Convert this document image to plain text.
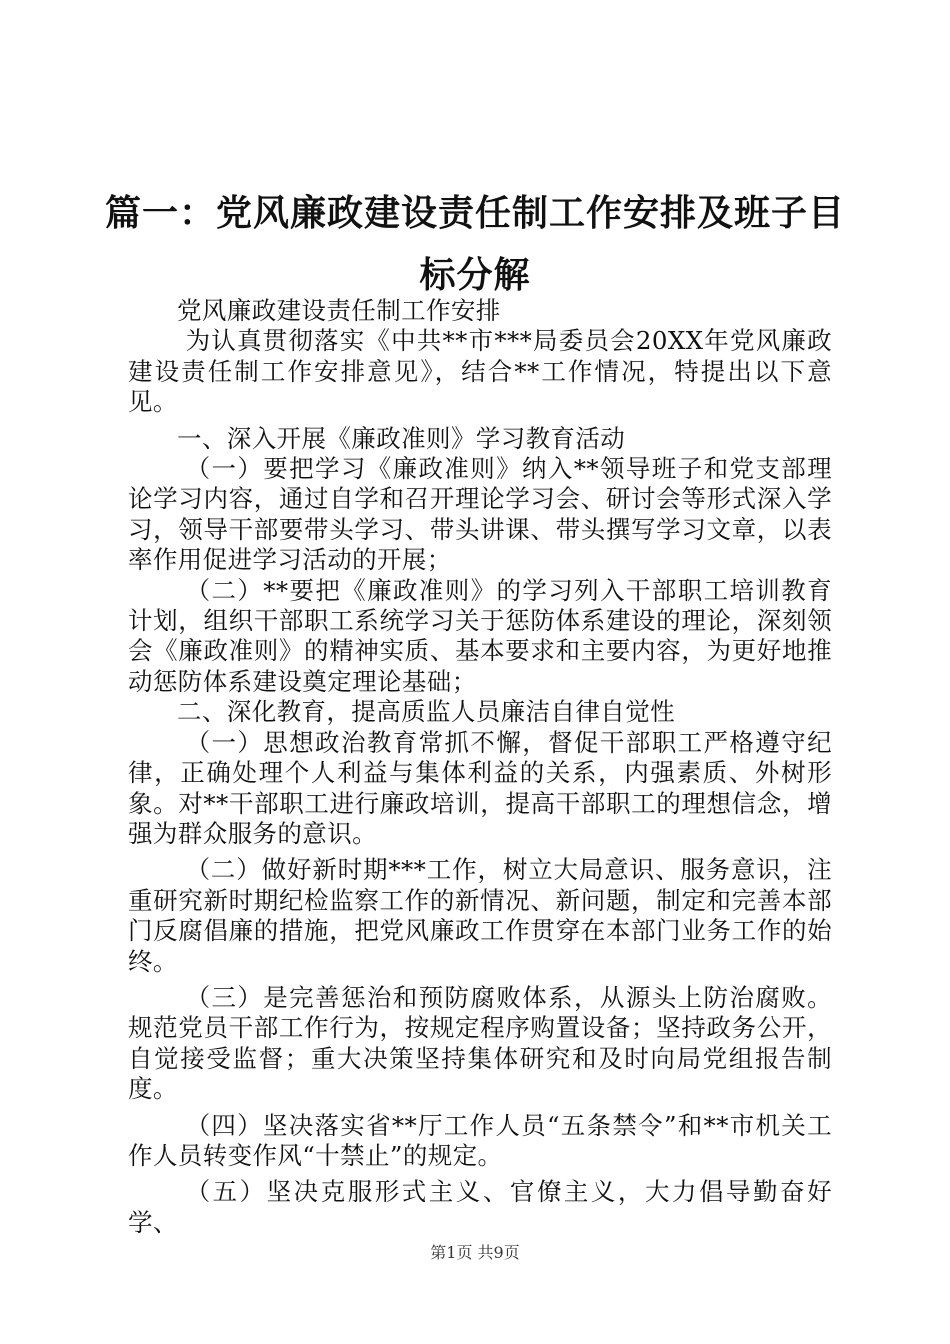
篇一：党风廉政建设责任制工作安排及班子目标分解

党风廉政建设责任制工作安排

为认真贯彻落实《中共**市***局委员会20XX年党风廉政建设责任制工作安排意见》，结合**工作情况，特提出以下意见。

一、深入开展《廉政准则》学习教育活动

（一）要把学习《廉政准则》纳入**领导班子和党支部理论学习内容，通过自学和召开理论学习会、研讨会等形式深入学习，领导干部要带头学习、带头讲课、带头撰写学习文章，以表率作用促进学习活动的开展；

（二）**要把《廉政准则》的学习列入干部职工培训教育计划，组织干部职工系统学习关于惩防体系建设的理论，深刻领会《廉政准则》的精神实质、基本要求和主要内容，为更好地推动惩防体系建设奠定理论基础；

二、深化教育，提高质监人员廉洁自律自觉性

（一）思想政治教育常抓不懈，督促干部职工严格遵守纪律，正确处理个人利益与集体利益的关系，内强素质、外树形象。对**干部职工进行廉政培训，提高干部职工的理想信念，增强为群众服务的意识。

（二）做好新时期***工作，树立大局意识、服务意识，注重研究新时期纪检监察工作的新情况、新问题，制定和完善本部门反腐倡廉的措施，把党风廉政工作贯穿在本部门业务工作的始终。

（三）是完善惩治和预防腐败体系，从源头上防治腐败。规范党员干部工作行为，按规定程序购置设备；坚持政务公开，自觉接受监督；重大决策坚持集体研究和及时向局党组报告制度。

（四）坚决落实省**厅工作人员“五条禁令”和**市机关工作人员转变作风“十禁止”的规定。

（五）坚决克服形式主义、官僚主义，大力倡导勤奋好学、

第1页 共9页
